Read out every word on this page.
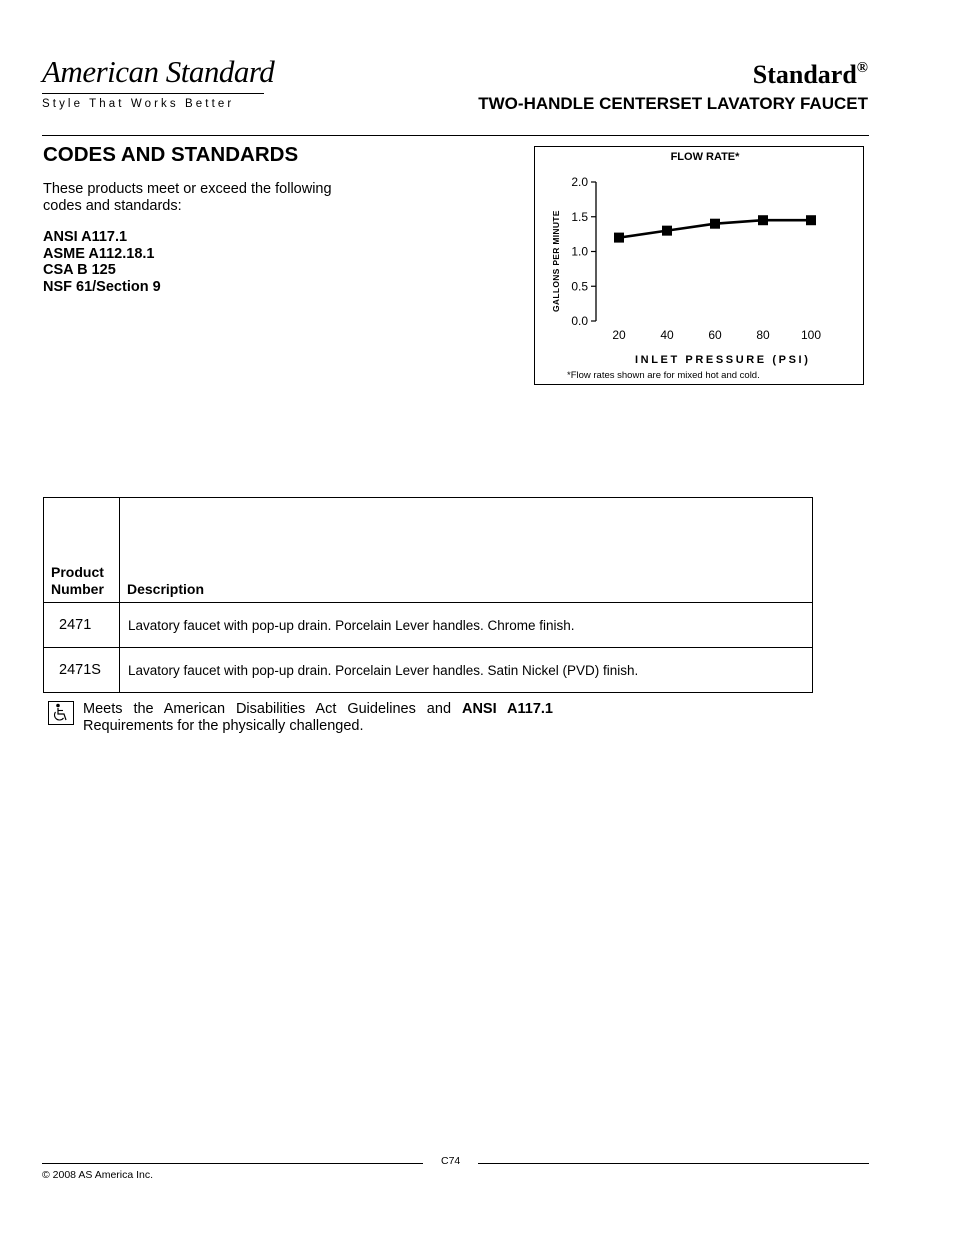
American Standard
Style That Works Better
Standard®
TWO-HANDLE CENTERSET LAVATORY FAUCET
CODES AND STANDARDS
These products meet or exceed the following codes and standards:
ANSI A117.1
ASME A112.18.1
CSA B 125
NSF 61/Section 9
0.0
0.5
1.0
1.5
2.0
20	40	60	80	100
FLOW RATE*
GALLONS PER MINUTE
INLET PRESSURE (PSI)
*Flow rates shown are for mixed hot and cold.
Product Number	Description
2471	Lavatory faucet with pop-up drain. Porcelain Lever handles. Chrome finish.
2471S	Lavatory faucet with pop-up drain. Porcelain Lever handles. Satin Nickel (PVD) finish.
Meets the American Disabilities Act Guidelines and ANSI A117.1
Requirements for the physically challenged.
C74
© 2008 AS America Inc.
